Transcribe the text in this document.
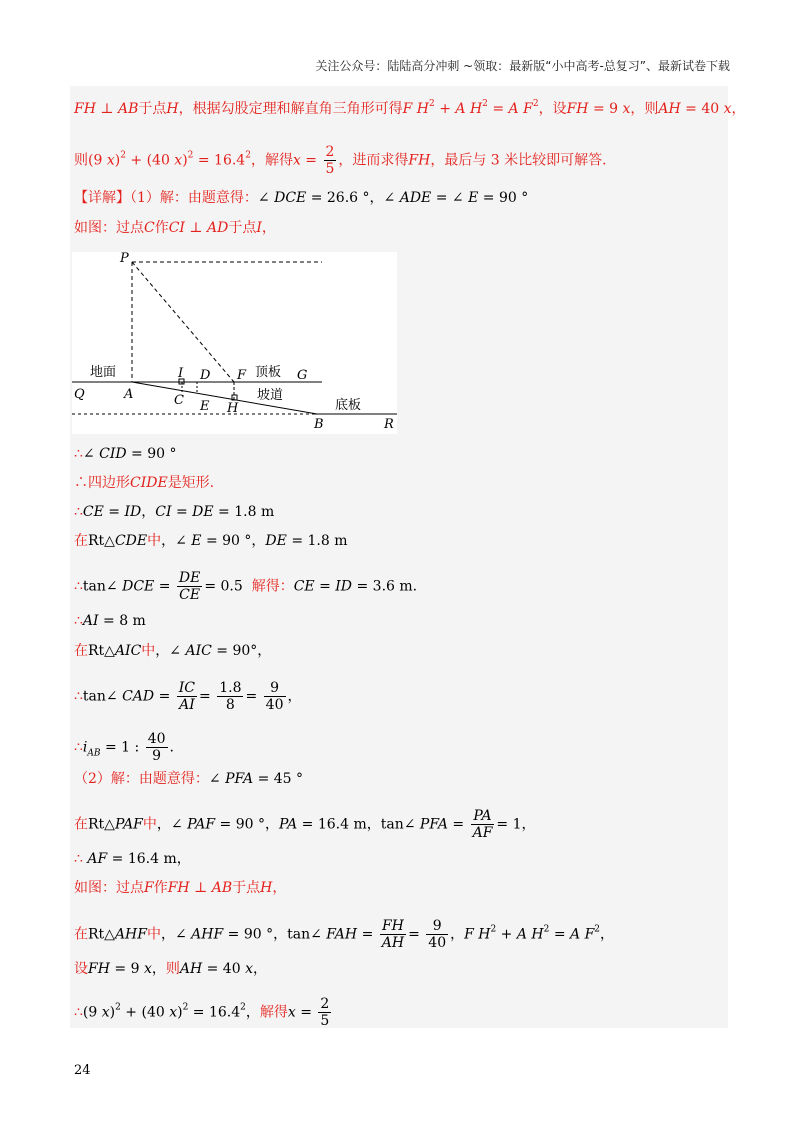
关注公众号：陆陆高分冲刺 ~领取：最新版“小中高考-总复习”、最新试卷下载
FH ⊥ AB于点H，根据勾股定理和解直角三角形可得F $H^2 + A$ $H^2 = A$ $F^2$，设FH = 9 x，则AH = 40 x，
则(9 x)$^2$ + (40 $x)^2 = 16.4^2$，解得$x = \frac{2}{5}$ ，进而求得FH，最后与 3 米比较即可解答.
【详解】（1）解：由题意得：∠ DCE = 26.6 °，∠ ADE = ∠ E = 90 °
如图：过点C作CI ⊥ AD于点I，
P
Q	A
I D
C E
F
H
G
B	R
地面	顶板
坡道
底板
∴∠ CID = 90 °
∴四边形CIDE是矩形.
∴CE = ID，CI = DE = 1.8 m
在Rt△CDE中，∠ E = 90 °，DE = 1.8 m
∴tan∠ DCE = $\frac{DE}{CE} = 0.5$  解得：CE = ID = 3.6 m.
∴AI = 8 m
在Rt△AIC中，∠ AIC = 90°，
∴tan∠ CAD = $\frac{IC}{AI} = \frac{1.8}{8} = \frac{9}{40}$ ，
$\therefore i_{AB} = 1$ : $\frac{40}{9}$ .
（2）解：由题意得：∠ PFA = 45 °
在Rt△PAF中，∠ PAF = 90 °，PA = 16.4 m，tan∠ PFA = $\frac{PA}{AF} = 1$，
∴ AF = 16.4 m，
如图：过点F作FH ⊥ AB于点H，
在Rt△AHF中，∠ AHF = 90 °，tan∠ FAH = $\frac{FH}{AH} = \frac{9}{40}$ ，F $H^2 + A$ $H^2 = A$ $F^2$，
设FH = 9 x，则AH = 40 x，
∴(9 x)$^2$ + (40 $x)^2 = 16.4^2$，解得$x = \frac{2}{5}$
24
